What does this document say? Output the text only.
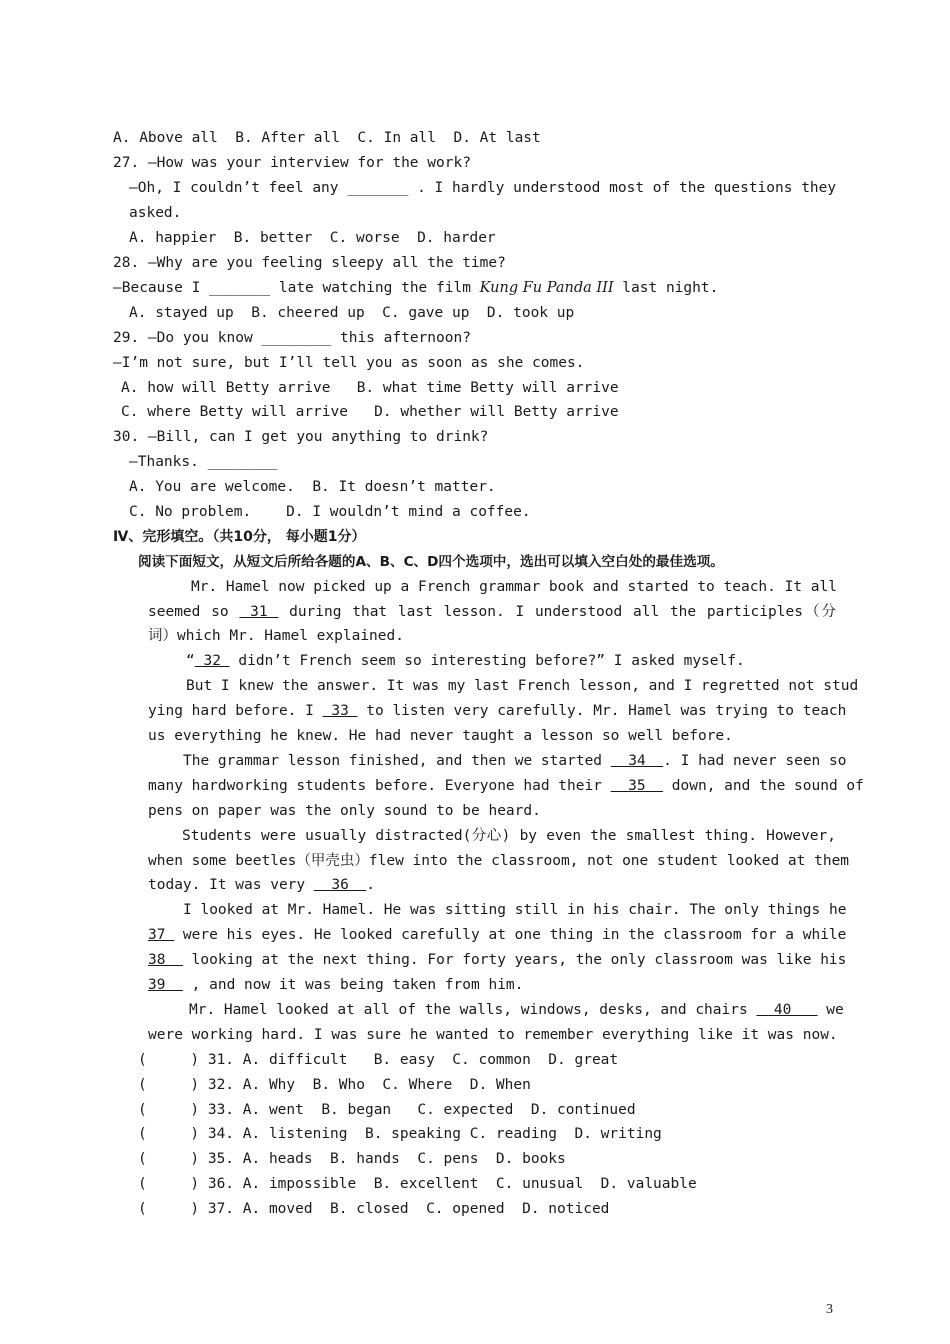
A. Above all  B. After all  C. In all  D. At last
27. —How was your interview for the work?
—Oh, I couldn’t feel any _______ . I hardly understood most of the questions they
asked.
A. happier  B. better  C. worse  D. harder
28. —Why are you feeling sleepy all the time?
—Because I _______ late watching the film Kung Fu Panda III last night.
A. stayed up  B. cheered up  C. gave up  D. took up
29. —Do you know ________ this afternoon?
—I’m not sure, but I’ll tell you as soon as she comes.
A. how will Betty arrive   B. what time Betty will arrive
C. where Betty will arrive   D. whether will Betty arrive
30. —Bill, can I get you anything to drink?
—Thanks. ________
A. You are welcome.  B. It doesn’t matter.
C. No problem.    D. I wouldn’t mind a coffee.
Ⅳ、完形填空。（共10分， 每小题1分）
阅读下面短文，从短文后所给各题的A、B、C、D四个选项中，选出可以填入空白处的最佳选项。
Mr. Hamel now picked up a French grammar book and started to teach. It all
seemed so  31  during that last lesson. I understood all the participles（分
词）which Mr. Hamel explained.
“ 32  didn’t French seem so interesting before?” I asked myself.
But I knew the answer. It was my last French lesson, and I regretted not stud
ying hard before. I  33  to listen very carefully. Mr. Hamel was trying to teach
us everything he knew. He had never taught a lesson so well before.
The grammar lesson finished, and then we started   34  . I had never seen so
many hardworking students before. Everyone had their   35   down, and the sound of
pens on paper was the only sound to be heard.
Students were usually distracted(分心) by even the smallest thing. However,
when some beetles（甲壳虫）flew into the classroom, not one student looked at them
today. It was very   36  .
I looked at Mr. Hamel. He was sitting still in his chair. The only things he
37  were his eyes. He looked carefully at one thing in the classroom for a while
38   looking at the next thing. For forty years, the only classroom was like his
39   , and now it was being taken from him.
Mr. Hamel looked at all of the walls, windows, desks, and chairs   40    we
were working hard. I was sure he wanted to remember everything like it was now.
(     ) 31. A. difficult   B. easy  C. common  D. great
(     ) 32. A. Why  B. Who  C. Where  D. When
(     ) 33. A. went  B. began   C. expected  D. continued
(     ) 34. A. listening  B. speaking C. reading  D. writing
(     ) 35. A. heads  B. hands  C. pens  D. books
(     ) 36. A. impossible  B. excellent  C. unusual  D. valuable
(     ) 37. A. moved  B. closed  C. opened  D. noticed
3
